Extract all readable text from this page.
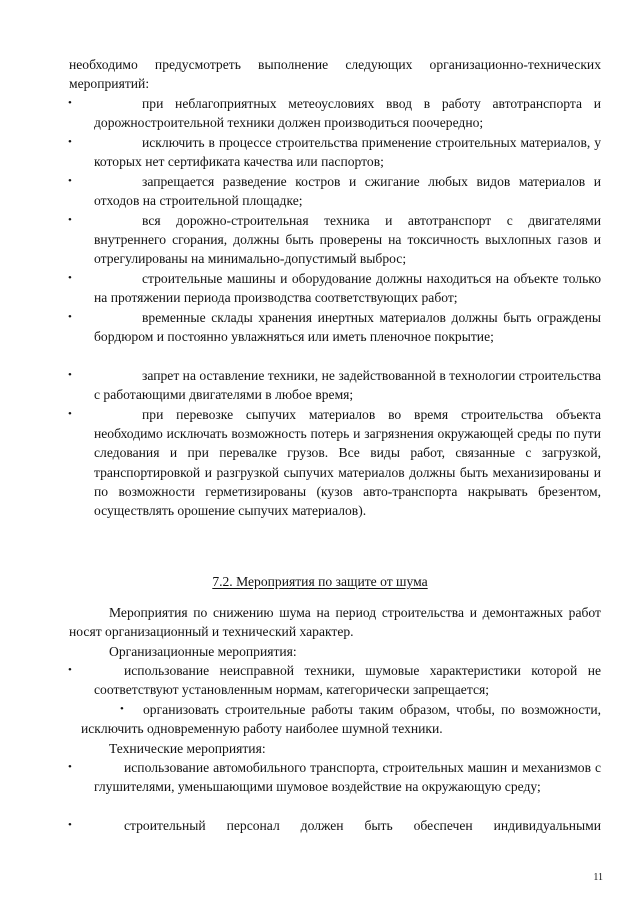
необходимо предусмотреть выполнение следующих организационно-технических мероприятий:
•	при неблагоприятных метеоусловиях ввод в работу автотранспорта и дорожностроительной техники должен производиться поочередно;
•	исключить в процессе строительства применение строительных материалов, у которых нет сертификата качества или паспортов;
•	запрещается разведение костров и сжигание любых видов материалов и отходов на строительной площадке;
•	вся дорожно-строительная техника и автотранспорт с двигателями внутреннего сгорания, должны быть проверены на токсичность выхлопных газов и отрегулированы на минимально-допустимый выброс;
•	строительные машины и оборудование должны находиться на объекте только на протяжении периода производства соответствующих работ;
•	временные склады хранения инертных материалов должны быть ограждены бордюром и постоянно увлажняться или иметь пленочное покрытие;
•	запрет на оставление техники, не задействованной в технологии строительства с работающими двигателями в любое время;
•	при перевозке сыпучих материалов во время строительства объекта необходимо исключать возможность потерь и загрязнения окружающей среды по пути следования и при перевалке грузов. Все виды работ, связанные с загрузкой, транспортировкой и разгрузкой сыпучих материалов должны быть механизированы и по возможности герметизированы (кузов авто-транспорта накрывать брезентом, осуществлять орошение сыпучих материалов).
7.2. Мероприятия по защите от шума
Мероприятия по снижению шума на период строительства и демонтажных работ носят организационный и технический характер.
Организационные мероприятия:
•	использование неисправной техники, шумовые характеристики которой не соответствуют установленным нормам, категорически запрещается;
•	организовать строительные работы таким образом, чтобы, по возможности, исключить одновременную работу наиболее шумной техники.
Технические мероприятия:
•	использование автомобильного транспорта, строительных машин и механизмов с глушителями, уменьшающими шумовое воздействие на окружающую среду;
•	строительный персонал должен быть обеспечен индивидуальными
11
